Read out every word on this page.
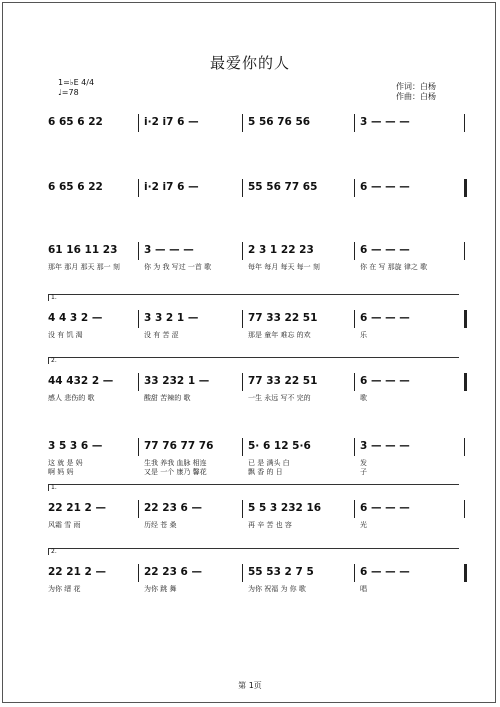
最爱你的人
1=♭E 4/4
♩=78
作词：白杨
作曲：白杨
6 65 6 22	i·2 i7 6 —	5 56 76 56	3 — — —
6 65 6 22	i·2 i7 6 —	55 56 77 65	6 — — —
61 16 11 23	3 — — —	2 3 1 22 23	6 — — —
那年 那月 那天 那一 刻	你 为 我 写过 一首 歌	每年 每月 每天 每一 刻	你 在 写 那旋 律之 歌
1.
4 4 3 2 —	3 3 2 1 —	77 33 22 51	6 — — —
没 有 饥 渴	没 有 苦 涩	那是 童年 难忘 的欢	乐
2.
44 432 2 —	33 232 1 —	77 33 22 51	6 — — —
感人 悲伤的 歌	酸甜 苦辣的 歌	一生 永远 写不 完的	歌
3 5 3 6 —	77 76 77 76	5· 6 12 5·6	3 — — —
这 就 是 妈	生我 养我 血脉 相连	已 是 满头 白	发
啊 妈 妈	又是 一个 康乃 馨花	飘 香 的 日	子
1.
22 21 2 —	22 23 6 —	5 5 3 232 16	6 — — —
风霜 雪 雨	历经 苍 桑	再 辛 苦 也 容	光
2.
22 21 2 —	22 23 6 —	55 53 2 7 5	6 — — —
为你 缙 花	为你 跳 舞	为你 祝福 为 你 歌	唱
第 1页
